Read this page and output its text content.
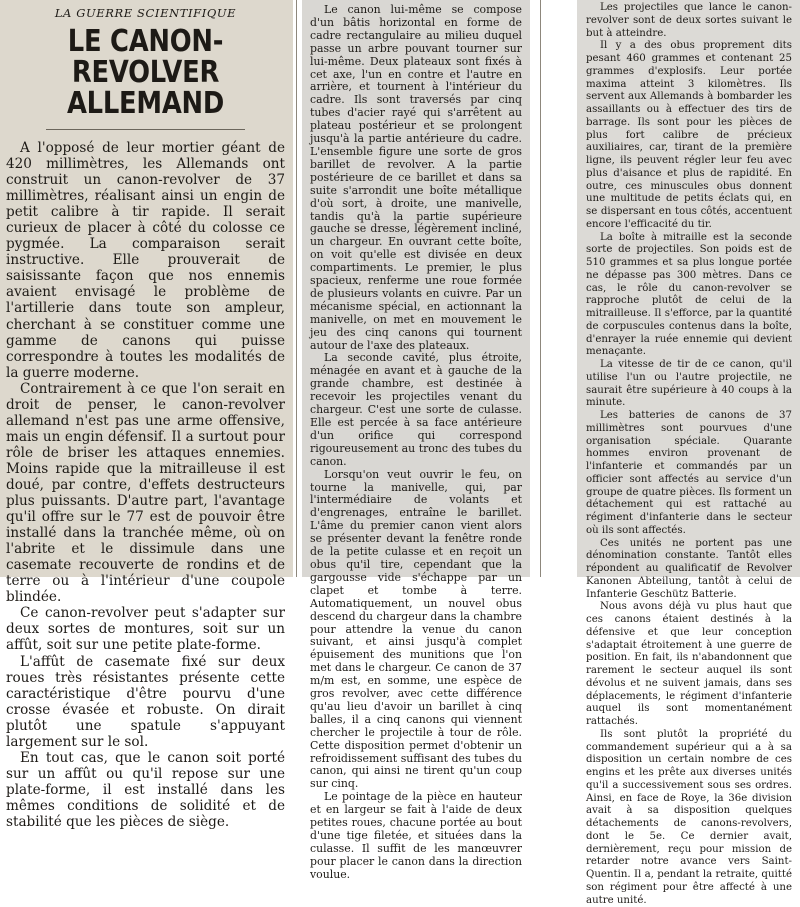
LA GUERRE SCIENTIFIQUE
LE CANON-REVOLVER ALLEMAND

A l'opposé de leur mortier géant de 420 millimètres, les Allemands ont construit un canon-revolver de 37 millimètres, réalisant ainsi un engin de petit calibre à tir rapide. Il serait curieux de placer à côté du colosse ce pygmée. La comparaison serait instructive. Elle prouverait de saisissante façon que nos ennemis avaient envisagé le problème de l'artillerie dans toute son ampleur, cherchant à se constituer comme une gamme de canons qui puisse correspondre à toutes les modalités de la guerre moderne.

Contrairement à ce que l'on serait en droit de penser, le canon-revolver allemand n'est pas une arme offensive, mais un engin défensif. Il a surtout pour rôle de briser les attaques ennemies. Moins rapide que la mitrailleuse il est doué, par contre, d'effets destructeurs plus puissants. D'autre part, l'avantage qu'il offre sur le 77 est de pouvoir être installé dans la tranchée même, où on l'abrite et le dissimule dans une casemate recouverte de rondins et de terre ou à l'intérieur d'une coupole blindée.

Ce canon-revolver peut s'adapter sur deux sortes de montures, soit sur un affût, soit sur une petite plate-forme.

L'affût de casemate fixé sur deux roues très résistantes présente cette caractéristique d'être pourvu d'une crosse évasée et robuste. On dirait plutôt une spatule s'appuyant largement sur le sol.

En tout cas, que le canon soit porté sur un affût ou qu'il repose sur une plate-forme, il est installé dans les mêmes conditions de solidité et de stabilité que les pièces de siège.

Le canon lui-même se compose d'un bâtis horizontal en forme de cadre rectangulaire au milieu duquel passe un arbre pouvant tourner sur lui-même. Deux plateaux sont fixés à cet axe, l'un en contre et l'autre en arrière, et tournent à l'intérieur du cadre. Ils sont traversés par cinq tubes d'acier rayé qui s'arrêtent au plateau postérieur et se prolongent jusqu'à la partie antérieure du cadre. L'ensemble figure une sorte de gros barillet de revolver. A la partie postérieure de ce barillet et dans sa suite s'arrondit une boîte métallique d'où sort, à droite, une manivelle, tandis qu'à la partie supérieure gauche se dresse, légèrement incliné, un chargeur. En ouvrant cette boîte, on voit qu'elle est divisée en deux compartiments. Le premier, le plus spacieux, renferme une roue formée de plusieurs volants en cuivre. Par un mécanisme spécial, en actionnant la manivelle, on met en mouvement le jeu des cinq canons qui tournent autour de l'axe des plateaux.

La seconde cavité, plus étroite, ménagée en avant et à gauche de la grande chambre, est destinée à recevoir les projectiles venant du chargeur. C'est une sorte de culasse. Elle est percée à sa face antérieure d'un orifice qui correspond rigoureusement au tronc des tubes du canon.

Lorsqu'on veut ouvrir le feu, on tourne la manivelle, qui, par l'intermédiaire de volants et d'engrenages, entraîne le barillet. L'âme du premier canon vient alors se présenter devant la fenêtre ronde de la petite culasse et en reçoit un obus qu'il tire, cependant que la gargousse vide s'échappe par un clapet et tombe à terre. Automatiquement, un nouvel obus descend du chargeur dans la chambre pour attendre la venue du canon suivant, et ainsi jusqu'à complet épuisement des munitions que l'on met dans le chargeur. Ce canon de 37 m/m est, en somme, une espèce de gros revolver, avec cette différence qu'au lieu d'avoir un barillet à cinq balles, il a cinq canons qui viennent chercher le projectile à tour de rôle. Cette disposition permet d'obtenir un refroidissement suffisant des tubes du canon, qui ainsi ne tirent qu'un coup sur cinq.

Le pointage de la pièce en hauteur et en largeur se fait à l'aide de deux petites roues, chacune portée au bout d'une tige filetée, et situées dans la culasse. Il suffit de les manœuvrer pour placer le canon dans la direction voulue.

Les projectiles que lance le canon-revolver sont de deux sortes suivant le but à atteindre.

Il y a des obus proprement dits pesant 460 grammes et contenant 25 grammes d'explosifs. Leur portée maxima atteint 3 kilomètres. Ils servent aux Allemands à bombarder les assaillants ou à effectuer des tirs de barrage. Ils sont pour les pièces de plus fort calibre de précieux auxiliaires, car, tirant de la première ligne, ils peuvent régler leur feu avec plus d'aisance et plus de rapidité. En outre, ces minuscules obus donnent une multitude de petits éclats qui, en se dispersant en tous côtés, accentuent encore l'efficacité du tir.

La boîte à mitraille est la seconde sorte de projectiles. Son poids est de 510 grammes et sa plus longue portée ne dépasse pas 300 mètres. Dans ce cas, le rôle du canon-revolver se rapproche plutôt de celui de la mitrailleuse. Il s'efforce, par la quantité de corpuscules contenus dans la boîte, d'enrayer la ruée ennemie qui devient menaçante.

La vitesse de tir de ce canon, qu'il utilise l'un ou l'autre projectile, ne saurait être supérieure à 40 coups à la minute.

Les batteries de canons de 37 millimètres sont pourvues d'une organisation spéciale. Quarante hommes environ provenant de l'infanterie et commandés par un officier sont affectés au service d'un groupe de quatre pièces. Ils forment un détachement qui est rattaché au régiment d'infanterie dans le secteur où ils sont affectés.

Ces unités ne portent pas une dénomination constante. Tantôt elles répondent au qualificatif de Revolver Kanonen Abteilung, tantôt à celui de Infanterie Geschütz Batterie.

Nous avons déjà vu plus haut que ces canons étaient destinés à la défensive et que leur conception s'adaptait étroitement à une guerre de position. En fait, ils n'abandonnent que rarement le secteur auquel ils sont dévolus et ne suivent jamais, dans ses déplacements, le régiment d'infanterie auquel ils sont momentanément rattachés.

Ils sont plutôt la propriété du commandement supérieur qui a à sa disposition un certain nombre de ces engins et les prête aux diverses unités qu'il a successivement sous ses ordres. Ainsi, en face de Roye, la 36e division avait à sa disposition quelques détachements de canons-revolvers, dont le 5e. Ce dernier avait, dernièrement, reçu pour mission de retarder notre avance vers Saint-Quentin. Il a, pendant la retraite, quitté son régiment pour être affecté à une autre unité.
